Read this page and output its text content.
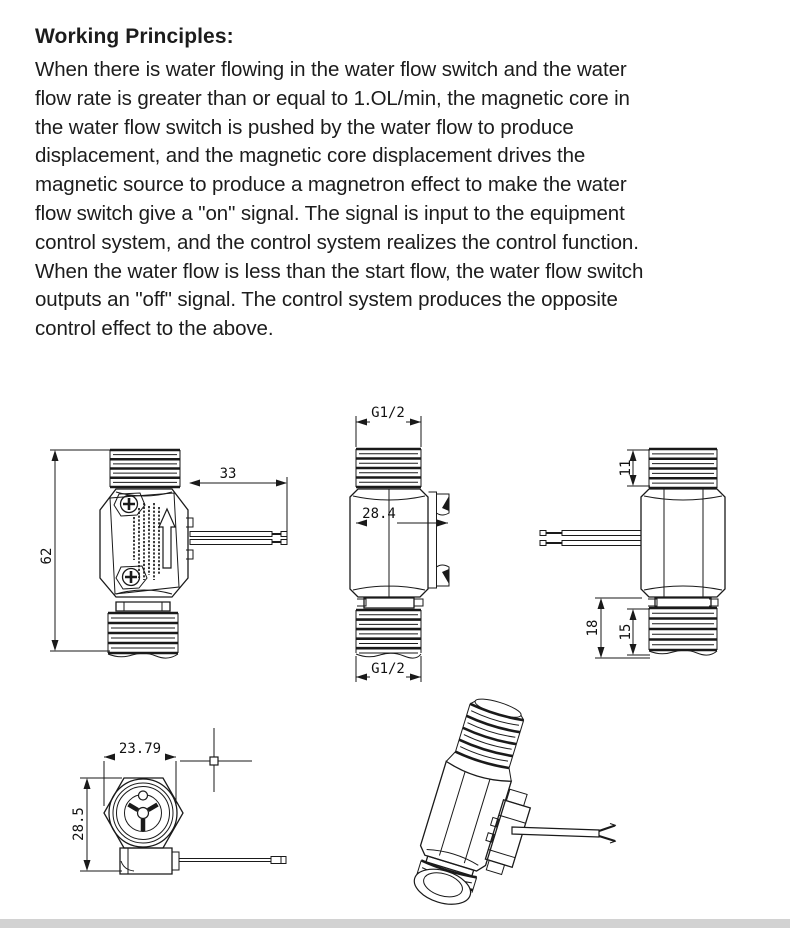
Working Principles:
When there is water flowing in the water flow switch and the water
flow rate is greater than or equal to 1.OL/min, the magnetic core in
the water flow switch is pushed by the water flow to produce
displacement, and the magnetic core displacement drives the
magnetic source to produce a magnetron effect to make the water
flow switch give a "on" signal. The signal is input to the equipment
control system, and the control system realizes the control function.
When the water flow is less than the start flow, the water flow switch
outputs an "off" signal. The control system produces the opposite
control effect to the above.
62
33
G1/2
28.4
G1/2
11
18 15
23.79
28.5
